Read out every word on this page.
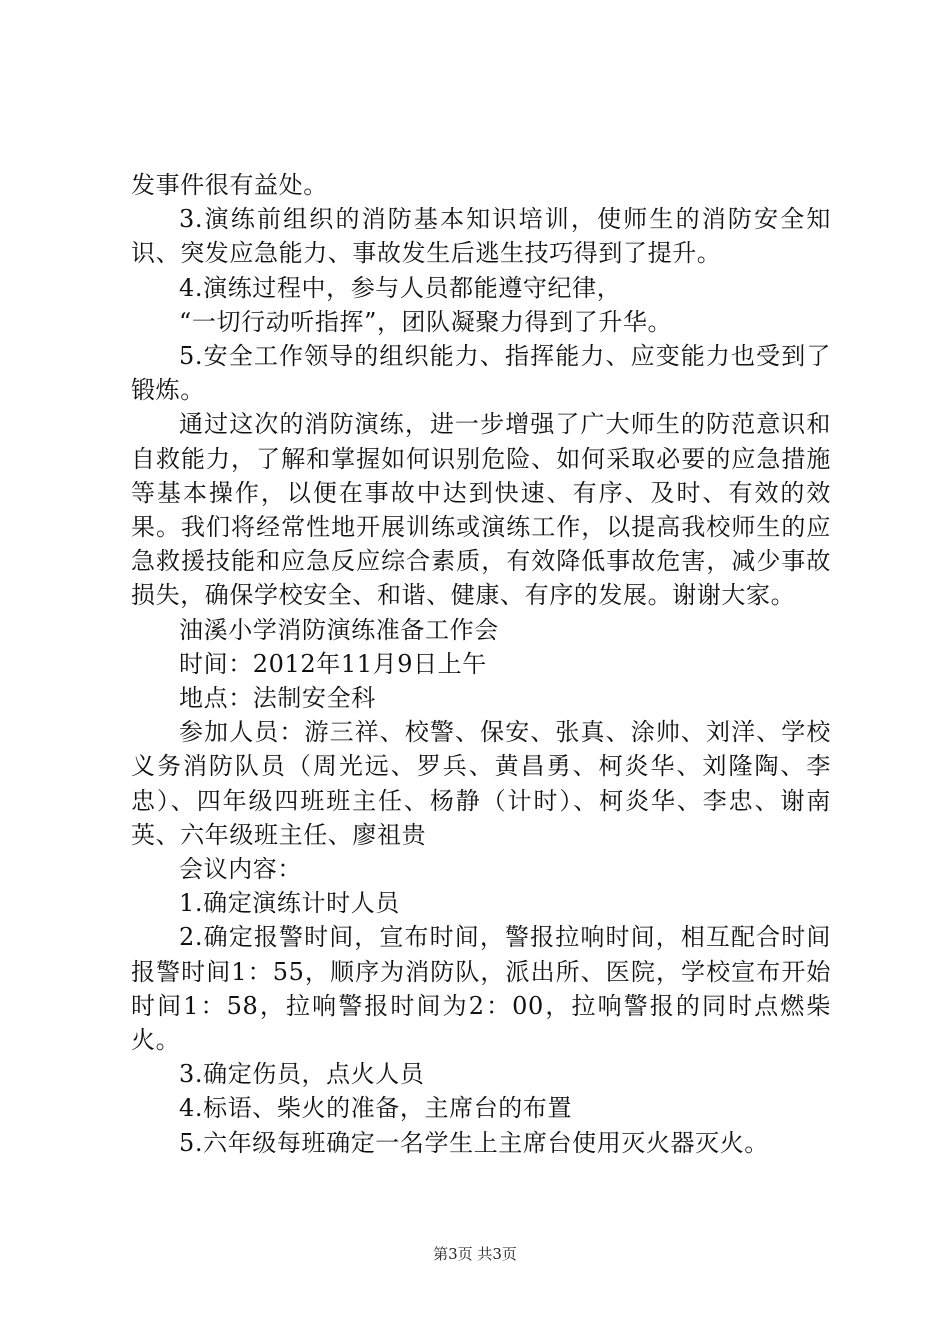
发事件很有益处。

3.演练前组织的消防基本知识培训，使师生的消防安全知识、突发应急能力、事故发生后逃生技巧得到了提升。

4.演练过程中，参与人员都能遵守纪律，

“一切行动听指挥”，团队凝聚力得到了升华。

5.安全工作领导的组织能力、指挥能力、应变能力也受到了锻炼。

通过这次的消防演练，进一步增强了广大师生的防范意识和自救能力，了解和掌握如何识别危险、如何采取必要的应急措施等基本操作，以便在事故中达到快速、有序、及时、有效的效果。我们将经常性地开展训练或演练工作，以提高我校师生的应急救援技能和应急反应综合素质，有效降低事故危害，减少事故损失，确保学校安全、和谐、健康、有序的发展。谢谢大家。

油溪小学消防演练准备工作会

时间：2012年11月9日上午

地点：法制安全科

参加人员：游三祥、校警、保安、张真、涂帅、刘洋、学校义务消防队员（周光远、罗兵、黄昌勇、柯炎华、刘隆陶、李忠）、四年级四班班主任、杨静（计时）、柯炎华、李忠、谢南英、六年级班主任、廖祖贵

会议内容：

1.确定演练计时人员

2.确定报警时间，宣布时间，警报拉响时间，相互配合时间报警时间1：55，顺序为消防队，派出所、医院，学校宣布开始时间1：58，拉响警报时间为2：00，拉响警报的同时点燃柴火。

3.确定伤员，点火人员

4.标语、柴火的准备，主席台的布置

5.六年级每班确定一名学生上主席台使用灭火器灭火。

第3页 共3页
